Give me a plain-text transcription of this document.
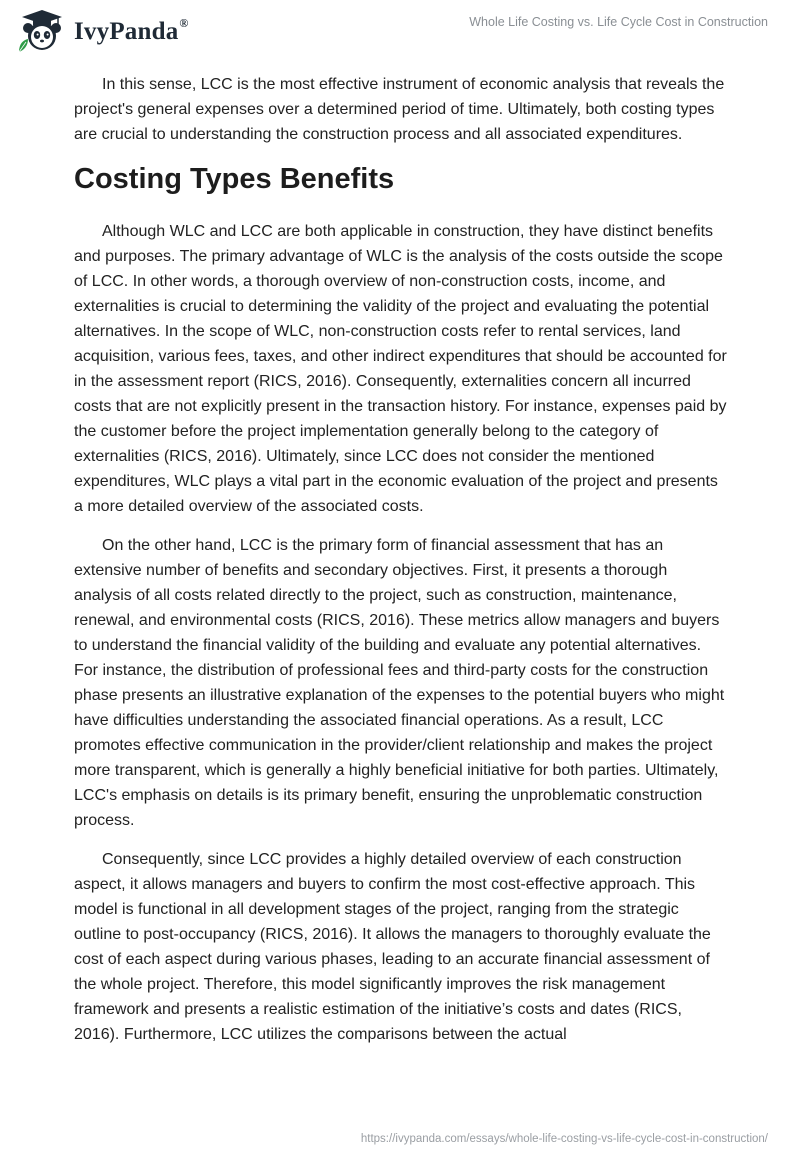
IvyPanda®	Whole Life Costing vs. Life Cycle Cost in Construction

In this sense, LCC is the most effective instrument of economic analysis that reveals the project's general expenses over a determined period of time. Ultimately, both costing types are crucial to understanding the construction process and all associated expenditures.

Costing Types Benefits

Although WLC and LCC are both applicable in construction, they have distinct benefits and purposes. The primary advantage of WLC is the analysis of the costs outside the scope of LCC. In other words, a thorough overview of non-construction costs, income, and externalities is crucial to determining the validity of the project and evaluating the potential alternatives. In the scope of WLC, non-construction costs refer to rental services, land acquisition, various fees, taxes, and other indirect expenditures that should be accounted for in the assessment report (RICS, 2016). Consequently, externalities concern all incurred costs that are not explicitly present in the transaction history. For instance, expenses paid by the customer before the project implementation generally belong to the category of externalities (RICS, 2016). Ultimately, since LCC does not consider the mentioned expenditures, WLC plays a vital part in the economic evaluation of the project and presents a more detailed overview of the associated costs.

On the other hand, LCC is the primary form of financial assessment that has an extensive number of benefits and secondary objectives. First, it presents a thorough analysis of all costs related directly to the project, such as construction, maintenance, renewal, and environmental costs (RICS, 2016). These metrics allow managers and buyers to understand the financial validity of the building and evaluate any potential alternatives. For instance, the distribution of professional fees and third-party costs for the construction phase presents an illustrative explanation of the expenses to the potential buyers who might have difficulties understanding the associated financial operations. As a result, LCC promotes effective communication in the provider/client relationship and makes the project more transparent, which is generally a highly beneficial initiative for both parties. Ultimately, LCC's emphasis on details is its primary benefit, ensuring the unproblematic construction process.

Consequently, since LCC provides a highly detailed overview of each construction aspect, it allows managers and buyers to confirm the most cost-effective approach. This model is functional in all development stages of the project, ranging from the strategic outline to post-occupancy (RICS, 2016). It allows the managers to thoroughly evaluate the cost of each aspect during various phases, leading to an accurate financial assessment of the whole project. Therefore, this model significantly improves the risk management framework and presents a realistic estimation of the initiative’s costs and dates (RICS, 2016). Furthermore, LCC utilizes the comparisons between the actual

https://ivypanda.com/essays/whole-life-costing-vs-life-cycle-cost-in-construction/
